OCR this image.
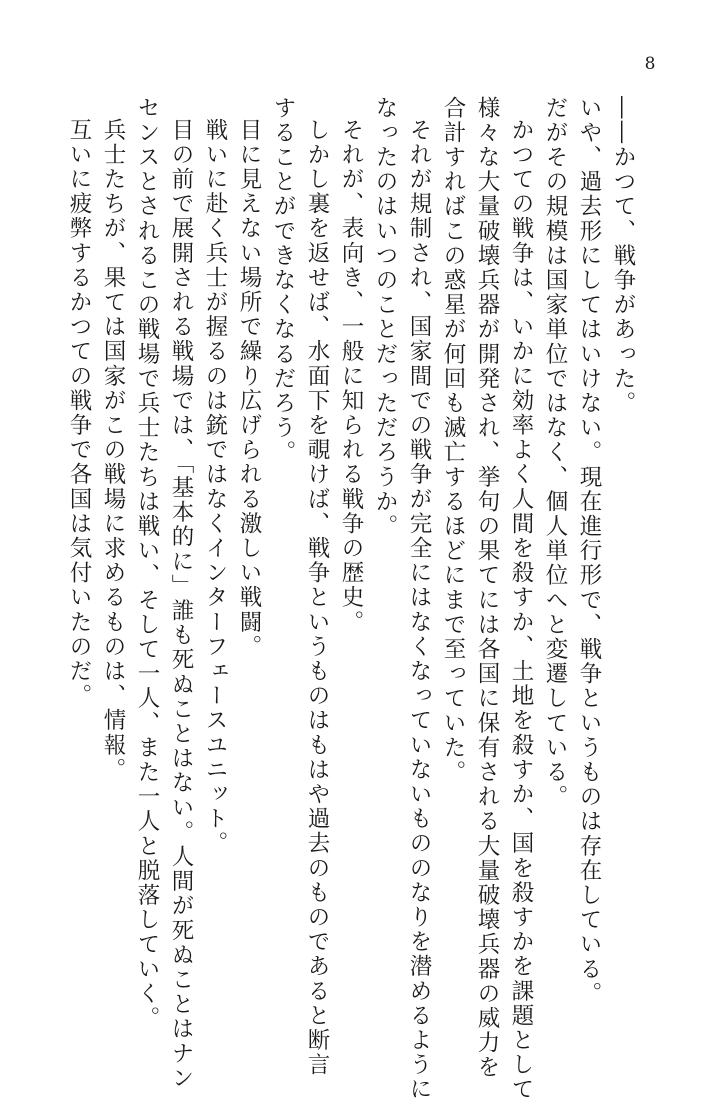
8
――かつて、戦争があった。
いや、過去形にしてはいけない。現在進行形で、戦争というものは存在している。
だがその規模は国家単位ではなく、個人単位へと変遷している。
かつての戦争は、いかに効率よく人間を殺すか、土地を殺すか、国を殺すかを課題として
様々な大量破壊兵器が開発され、挙句の果てには各国に保有される大量破壊兵器の威力を
合計すればこの惑星が何回も滅亡するほどにまで至っていた。
それが規制され、国家間での戦争が完全にはなくなっていないもののなりを潜めるように
なったのはいつのことだっただろうか。
それが、表向き、一般に知られる戦争の歴史。
しかし裏を返せば、水面下を覗けば、戦争というものはもはや過去のものであると断言
することができなくなるだろう。
目に見えない場所で繰り広げられる激しい戦闘。
戦いに赴く兵士が握るのは銃ではなくインターフェースユニット。
目の前で展開される戦場では、「基本的に」誰も死ぬことはない。人間が死ぬことはナン
センスとされるこの戦場で兵士たちは戦い、そして一人、また一人と脱落していく。
兵士たちが、果ては国家がこの戦場に求めるものは、情報。
互いに疲弊するかつての戦争で各国は気付いたのだ。
